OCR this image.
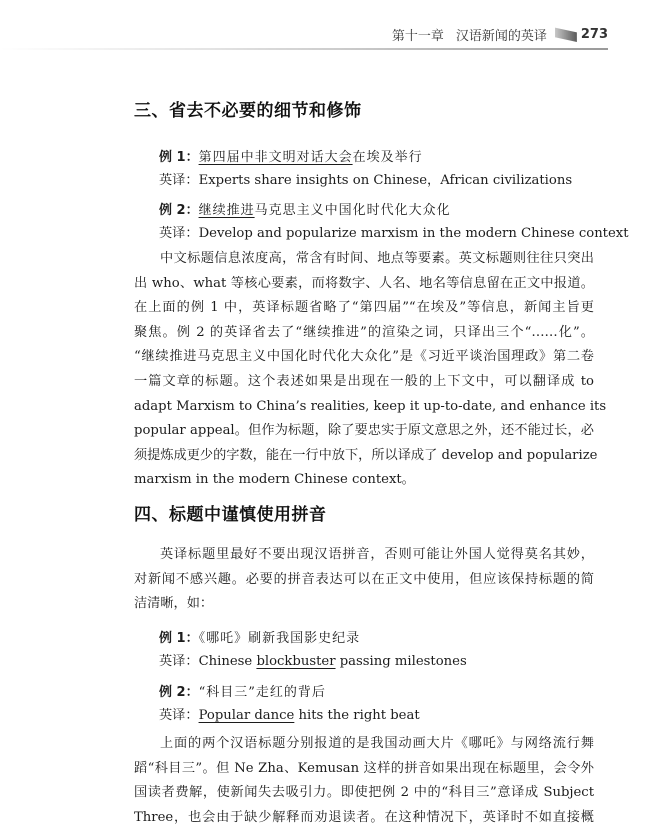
第十一章 汉语新闻的英译	273
三、省去不必要的细节和修饰
例 1：第四届中非文明对话大会在埃及举行
英译：Experts share insights on Chinese，African civilizations
例 2：继续推进马克思主义中国化时代化大众化
英译：Develop and popularize marxism in the modern Chinese context
中文标题信息浓度高，常含有时间、地点等要素。英文标题则往往只突出
出 who、what 等核心要素，而将数字、人名、地名等信息留在正文中报道。
在上面的例 1 中，英译标题省略了“第四届”“在埃及”等信息，新闻主旨更
聚焦。例 2 的英译省去了“继续推进”的渲染之词，只译出三个“……化”。
“继续推进马克思主义中国化时代化大众化”是《习近平谈治国理政》第二卷
一篇文章的标题。这个表述如果是出现在一般的上下文中，可以翻译成 to
adapt Marxism to China’s realities, keep it up-to-date, and enhance its
popular appeal。但作为标题，除了要忠实于原文意思之外，还不能过长，必
须提炼成更少的字数，能在一行中放下，所以译成了 develop and popularize
marxism in the modern Chinese context。
四、标题中谨慎使用拼音
英译标题里最好不要出现汉语拼音，否则可能让外国人觉得莫名其妙，
对新闻不感兴趣。必要的拼音表达可以在正文中使用，但应该保持标题的简
洁清晰，如：
例 1：《哪吒》刷新我国影史纪录
英译：Chinese blockbuster passing milestones
例 2：“科目三”走红的背后
英译：Popular dance hits the right beat
上面的两个汉语标题分别报道的是我国动画大片《哪吒》与网络流行舞
蹈“科目三”。但 Ne Zha、Kemusan 这样的拼音如果出现在标题里，会令外
国读者费解，使新闻失去吸引力。即使把例 2 中的“科目三”意译成 Subject
Three，也会由于缺少解释而劝退读者。在这种情况下，英译时不如直接概
